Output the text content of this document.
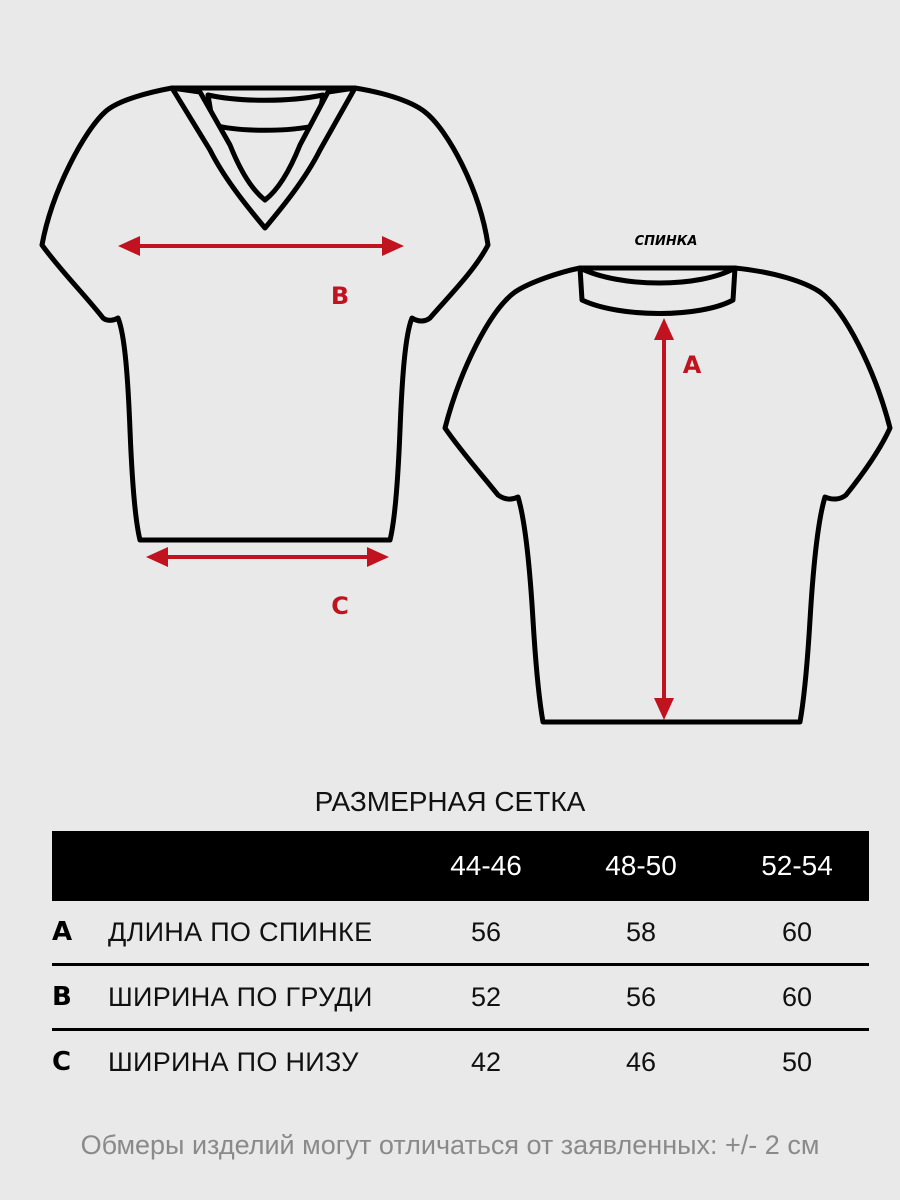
B
C
СПИНКА
A
РАЗМЕРНАЯ СЕТКА
44-46	48-50	52-54
A ДЛИНА ПО СПИНКЕ	56	58	60
B ШИРИНА ПО ГРУДИ	52	56	60
C ШИРИНА ПО НИЗУ	42	46	50
Обмеры изделий могут отличаться от заявленных: +/- 2 см
